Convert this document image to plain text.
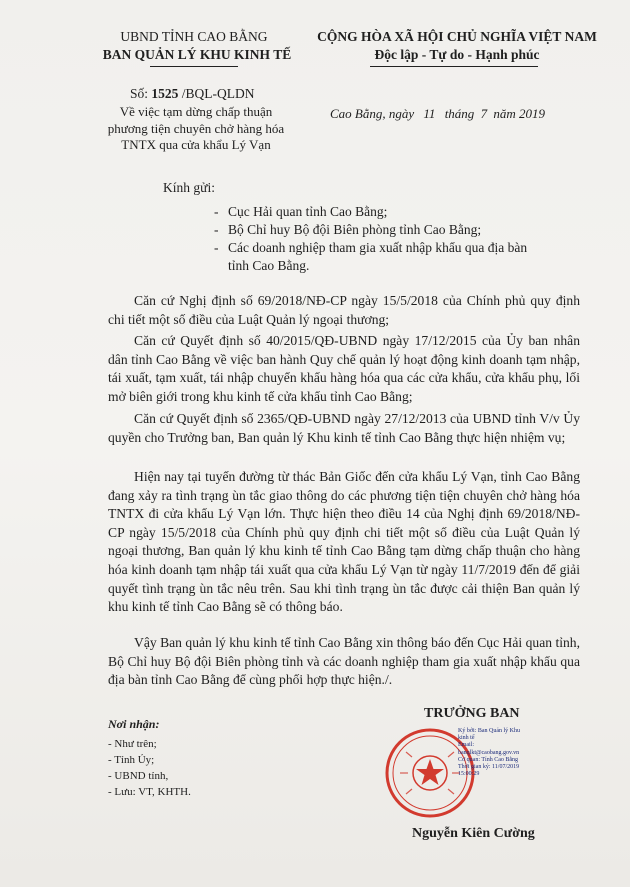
UBND TỈNH CAO BẰNG
BAN QUẢN LÝ KHU KINH TẾ
CỘNG HÒA XÃ HỘI CHỦ NGHĨA VIỆT NAM
Độc lập - Tự do - Hạnh phúc
Số: 1525 /BQL-QLDN
Về việc tạm dừng chấp thuận
phương tiện chuyên chở hàng hóa
TNTX qua cửa khẩu Lý Vạn
Cao Bằng, ngày 11 tháng 7 năm 2019
Kính gửi:
- Cục Hải quan tỉnh Cao Bằng;
- Bộ Chỉ huy Bộ đội Biên phòng tỉnh Cao Bằng;
- Các doanh nghiệp tham gia xuất nhập khẩu qua địa bàn
tỉnh Cao Bằng.
Căn cứ Nghị định số 69/2018/NĐ-CP ngày 15/5/2018 của Chính phủ quy định chi tiết một số điều của Luật Quản lý ngoại thương;
Căn cứ Quyết định số 40/2015/QĐ-UBND ngày 17/12/2015 của Ủy ban nhân dân tỉnh Cao Bằng về việc ban hành Quy chế quản lý hoạt động kinh doanh tạm nhập, tái xuất, tạm xuất, tái nhập chuyển khẩu hàng hóa qua các cửa khẩu, cửa khẩu phụ, lối mở biên giới trong khu kinh tế cửa khẩu tỉnh Cao Bằng;
Căn cứ Quyết định số 2365/QĐ-UBND ngày 27/12/2013 của UBND tỉnh V/v Ủy quyền cho Trưởng ban, Ban quản lý Khu kinh tế tỉnh Cao Bằng thực hiện nhiệm vụ;
Hiện nay tại tuyến đường từ thác Bản Giốc đến cửa khẩu Lý Vạn, tỉnh Cao Bằng đang xảy ra tình trạng ùn tắc giao thông do các phương tiện tiện chuyên chở hàng hóa TNTX đi cửa khẩu Lý Vạn lớn. Thực hiện theo điều 14 của Nghị định 69/2018/NĐ-CP ngày 15/5/2018 của Chính phủ quy định chi tiết một số điều của Luật Quản lý ngoại thương, Ban quản lý khu kinh tế tỉnh Cao Bằng tạm dừng chấp thuận cho hàng hóa kinh doanh tạm nhập tái xuất qua cửa khẩu Lý Vạn từ ngày 11/7/2019 đến để giải quyết tình trạng ùn tắc nêu trên. Sau khi tình trạng ùn tắc được cải thiện Ban quản lý khu kinh tế tỉnh Cao Bằng sẽ có thông báo.
Vậy Ban quản lý khu kinh tế tỉnh Cao Bằng xin thông báo đến Cục Hải quan tỉnh, Bộ Chỉ huy Bộ đội Biên phòng tỉnh và các doanh nghiệp tham gia xuất nhập khẩu qua địa bàn tỉnh Cao Bằng để cùng phối hợp thực hiện./.
Nơi nhận:
- Như trên;
- Tỉnh Ủy;
- UBND tỉnh,
- Lưu: VT, KHTH.
TRƯỞNG BAN
Ký bởi: Ban Quản lý Khu
kinh tế
Email:
banqlkt@caobang.gov.vn
Cơ quan: Tỉnh Cao Bằng
Thời gian ký: 11/07/2019
15:00:29
Nguyễn Kiên Cường
